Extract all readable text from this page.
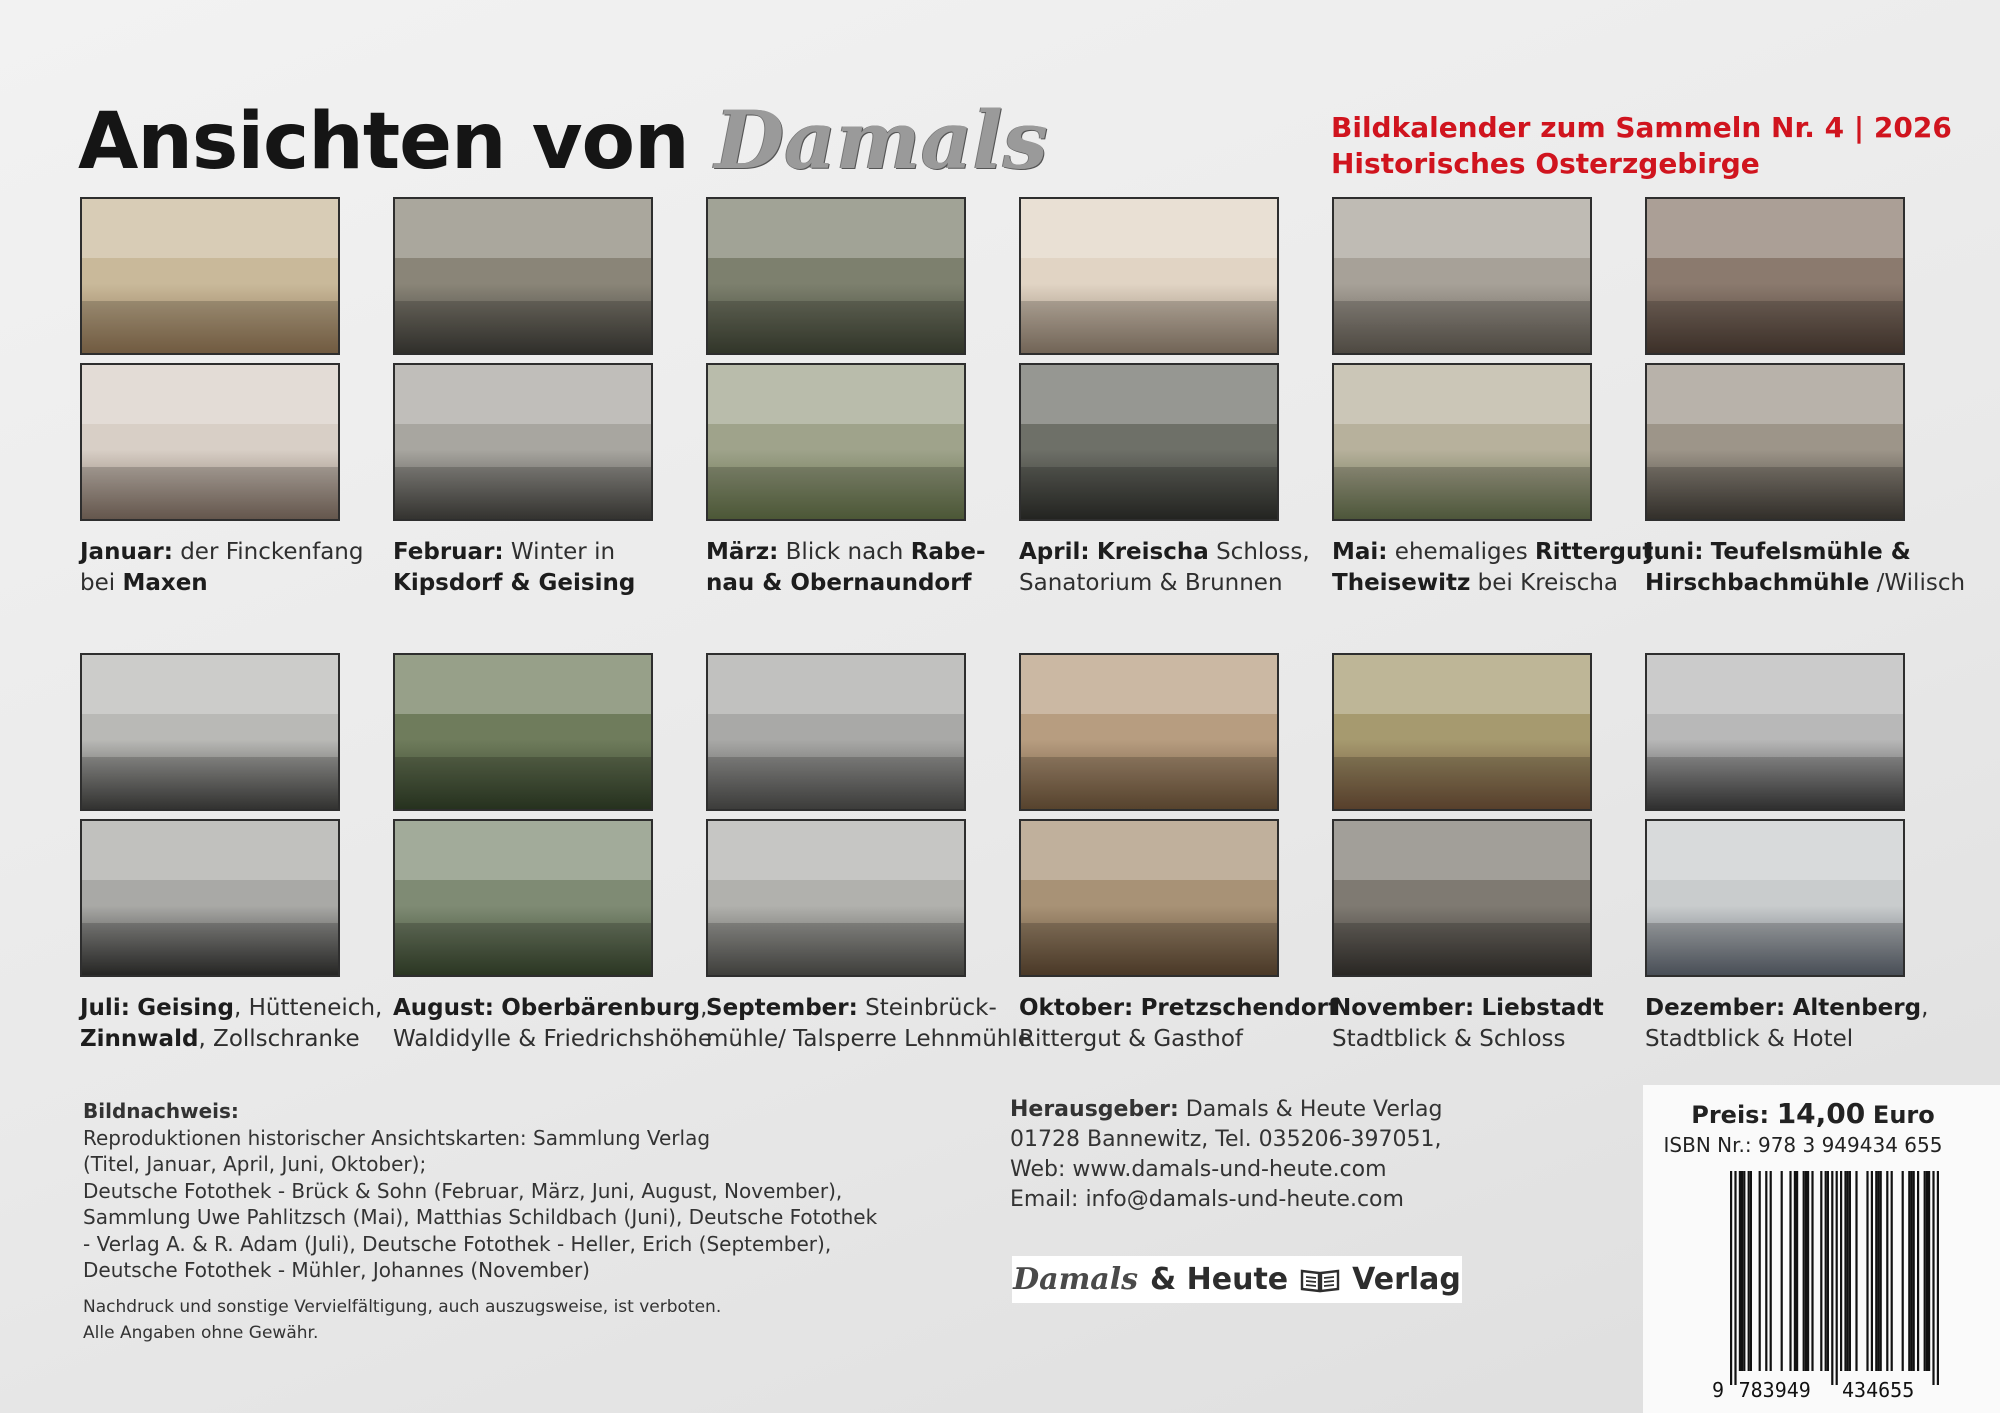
Ansichten von Damals	Bildkalender zum Sammeln Nr. 4 | 2026
Historisches Osterzgebirge
Januar: der Finckenfang
bei Maxen
Februar: Winter in
Kipsdorf & Geising
März: Blick nach Rabe-
nau & Obernaundorf
April: Kreischa Schloss,
Sanatorium & Brunnen
Mai: ehemaliges Rittergut
Theisewitz bei Kreischa
Juni: Teufelsmühle &
Hirschbachmühle /Wilisch
Juli: Geising, Hütteneich,
Zinnwald, Zollschranke
August: Oberbärenburg,
Waldidylle & Friedrichshöhe
September: Steinbrück-
mühle/ Talsperre Lehnmühle
Oktober: Pretzschendorf
Rittergut & Gasthof
November: Liebstadt
Stadtblick & Schloss
Dezember: Altenberg,
Stadtblick & Hotel
Bildnachweis:
Reproduktionen historischer Ansichtskarten: Sammlung Verlag
(Titel, Januar, April, Juni, Oktober);
Deutsche Fotothek - Brück & Sohn (Februar, März, Juni, August, November),
Sammlung Uwe Pahlitzsch (Mai), Matthias Schildbach (Juni), Deutsche Fotothek
- Verlag A. & R. Adam (Juli), Deutsche Fotothek - Heller, Erich (September),
Deutsche Fotothek - Mühler, Johannes (November)
Nachdruck und sonstige Vervielfältigung, auch auszugsweise, ist verboten.
Alle Angaben ohne Gewähr.
Herausgeber: Damals & Heute Verlag
01728 Bannewitz, Tel. 035206-397051,
Web: www.damals-und-heute.com
Email: info@damals-und-heute.com
Damals & Heute Verlag
Preis: 14,00 Euro
ISBN Nr.: 978 3 949434 655
9 783949 434655
